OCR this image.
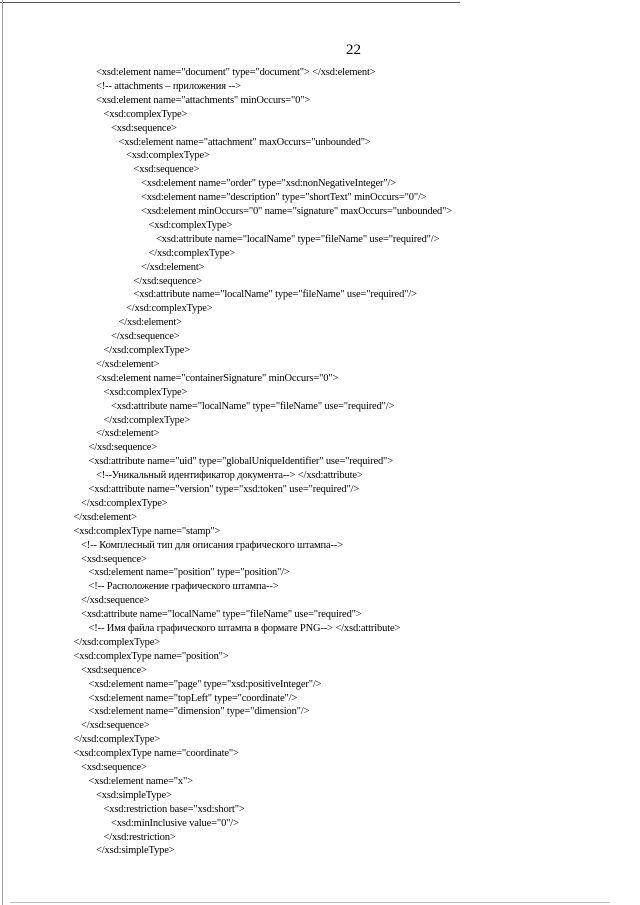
22
<xsd:element name="document" type="document"> </xsd:element>
<!-- attachments – приложения -->
<xsd:element name="attachments" minOccurs="0">
<xsd:complexType>
<xsd:sequence>
<xsd:element name="attachment" maxOccurs="unbounded">
<xsd:complexType>
<xsd:sequence>
<xsd:element name="order" type="xsd:nonNegativeInteger"/>
<xsd:element name="description" type="shortText" minOccurs="0"/>
<xsd:element minOccurs="0" name="signature" maxOccurs="unbounded">
<xsd:complexType>
<xsd:attribute name="localName" type="fileName" use="required"/>
</xsd:complexType>
</xsd:element>
</xsd:sequence>
<xsd:attribute name="localName" type="fileName" use="required"/>
</xsd:complexType>
</xsd:element>
</xsd:sequence>
</xsd:complexType>
</xsd:element>
<xsd:element name="containerSignature" minOccurs="0">
<xsd:complexType>
<xsd:attribute name="localName" type="fileName" use="required"/>
</xsd:complexType>
</xsd:element>
</xsd:sequence>
<xsd:attribute name="uid" type="globalUniqueIdentifier" use="required">
<!--Уникальный идентификатор документа--> </xsd:attribute>
<xsd:attribute name="version" type="xsd:token" use="required"/>
</xsd:complexType>
</xsd:element>
<xsd:complexType name="stamp">
<!-- Комплесный тип для описания графического штампа-->
<xsd:sequence>
<xsd:element name="position" type="position"/>
<!-- Расположение графического штампа-->
</xsd:sequence>
<xsd:attribute name="localName" type="fileName" use="required">
<!-- Имя файла графического штампа в формате PNG--> </xsd:attribute>
</xsd:complexType>
<xsd:complexType name="position">
<xsd:sequence>
<xsd:element name="page" type="xsd:positiveInteger"/>
<xsd:element name="topLeft" type="coordinate"/>
<xsd:element name="dimension" type="dimension"/>
</xsd:sequence>
</xsd:complexType>
<xsd:complexType name="coordinate">
<xsd:sequence>
<xsd:element name="x">
<xsd:simpleType>
<xsd:restriction base="xsd:short">
<xsd:minInclusive value="0"/>
</xsd:restriction>
</xsd:simpleType>
